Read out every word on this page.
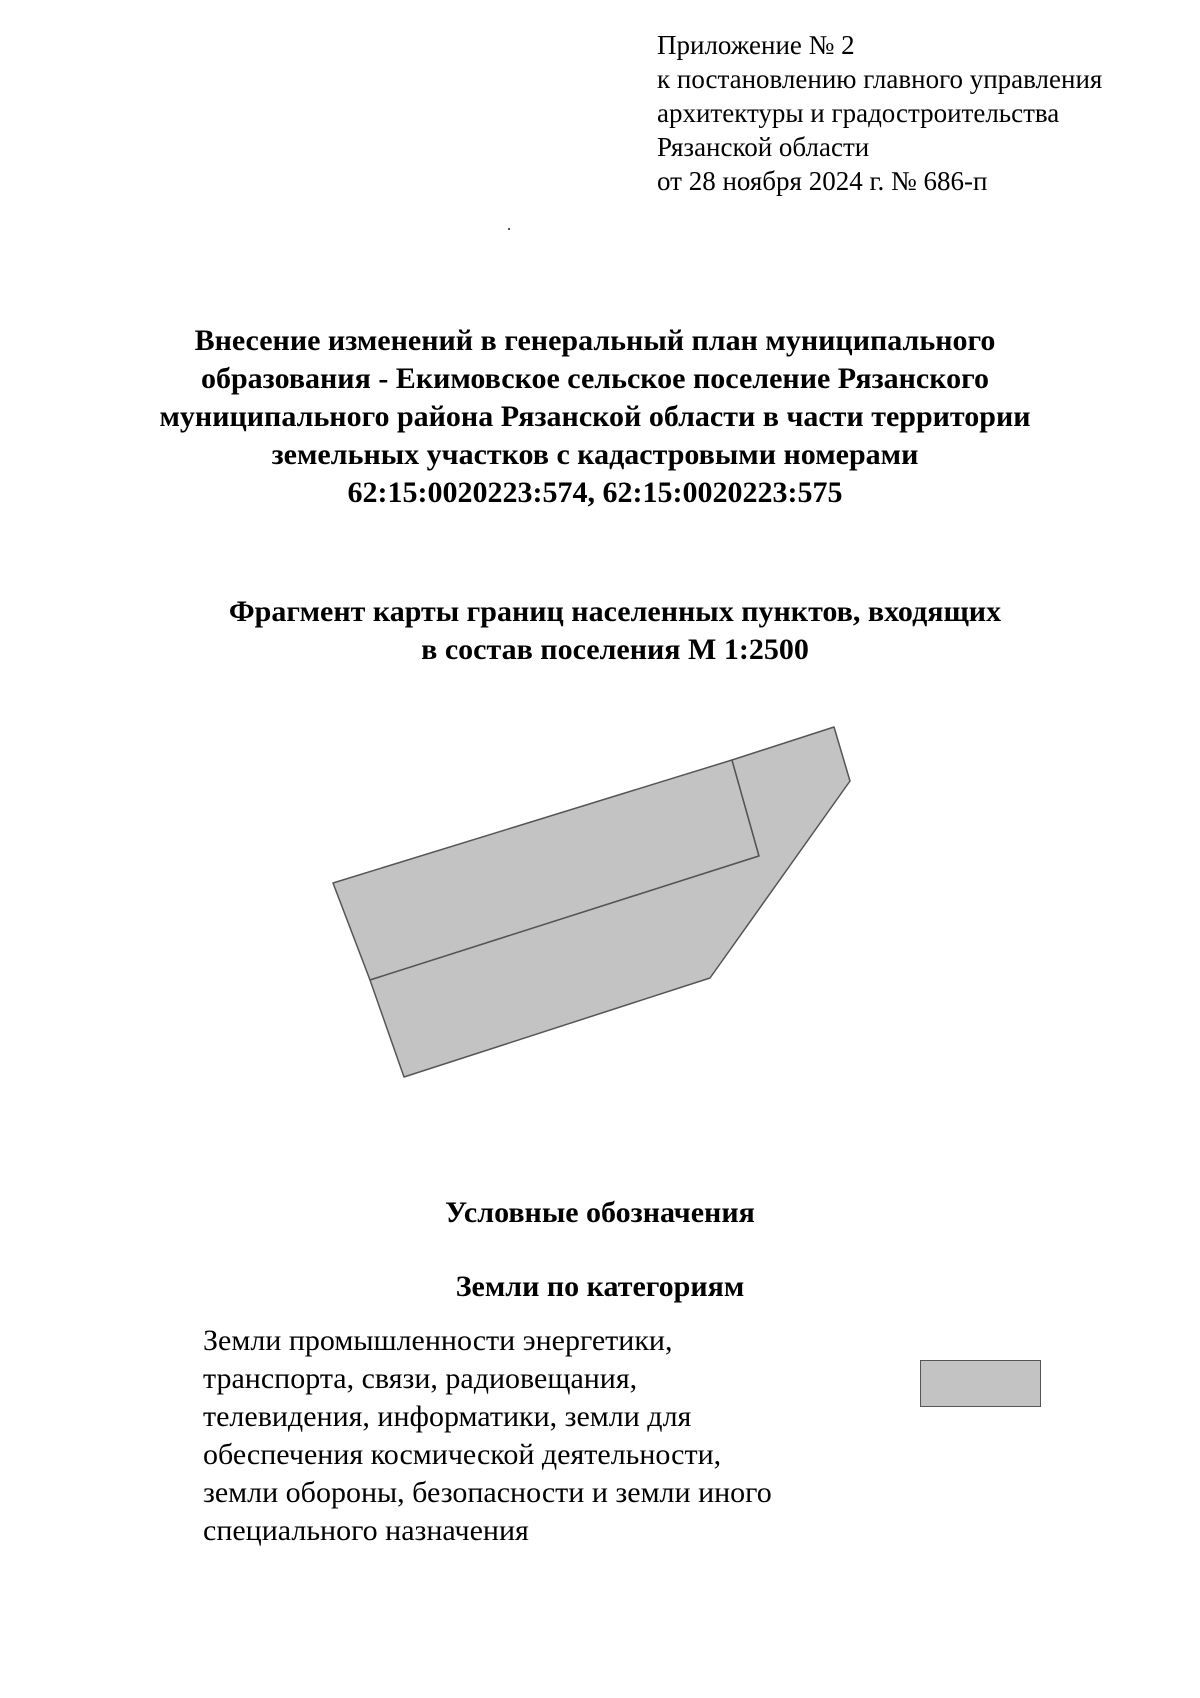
Приложение № 2
к постановлению главного управления
архитектуры и градостроительства
Рязанской области
от 28 ноября 2024 г. № 686-п
Внесение изменений в генеральный план муниципального
образования - Екимовское сельское поселение Рязанского
муниципального района Рязанской области в части территории
земельных участков с кадастровыми номерами
62:15:0020223:574, 62:15:0020223:575
Фрагмент карты границ населенных пунктов, входящих
в состав поселения М 1:2500
Условные обозначения
Земли по категориям
Земли промышленности энергетики,
транспорта, связи, радиовещания,
телевидения, информатики, земли для
обеспечения космической деятельности,
земли обороны, безопасности и земли иного
специального назначения
